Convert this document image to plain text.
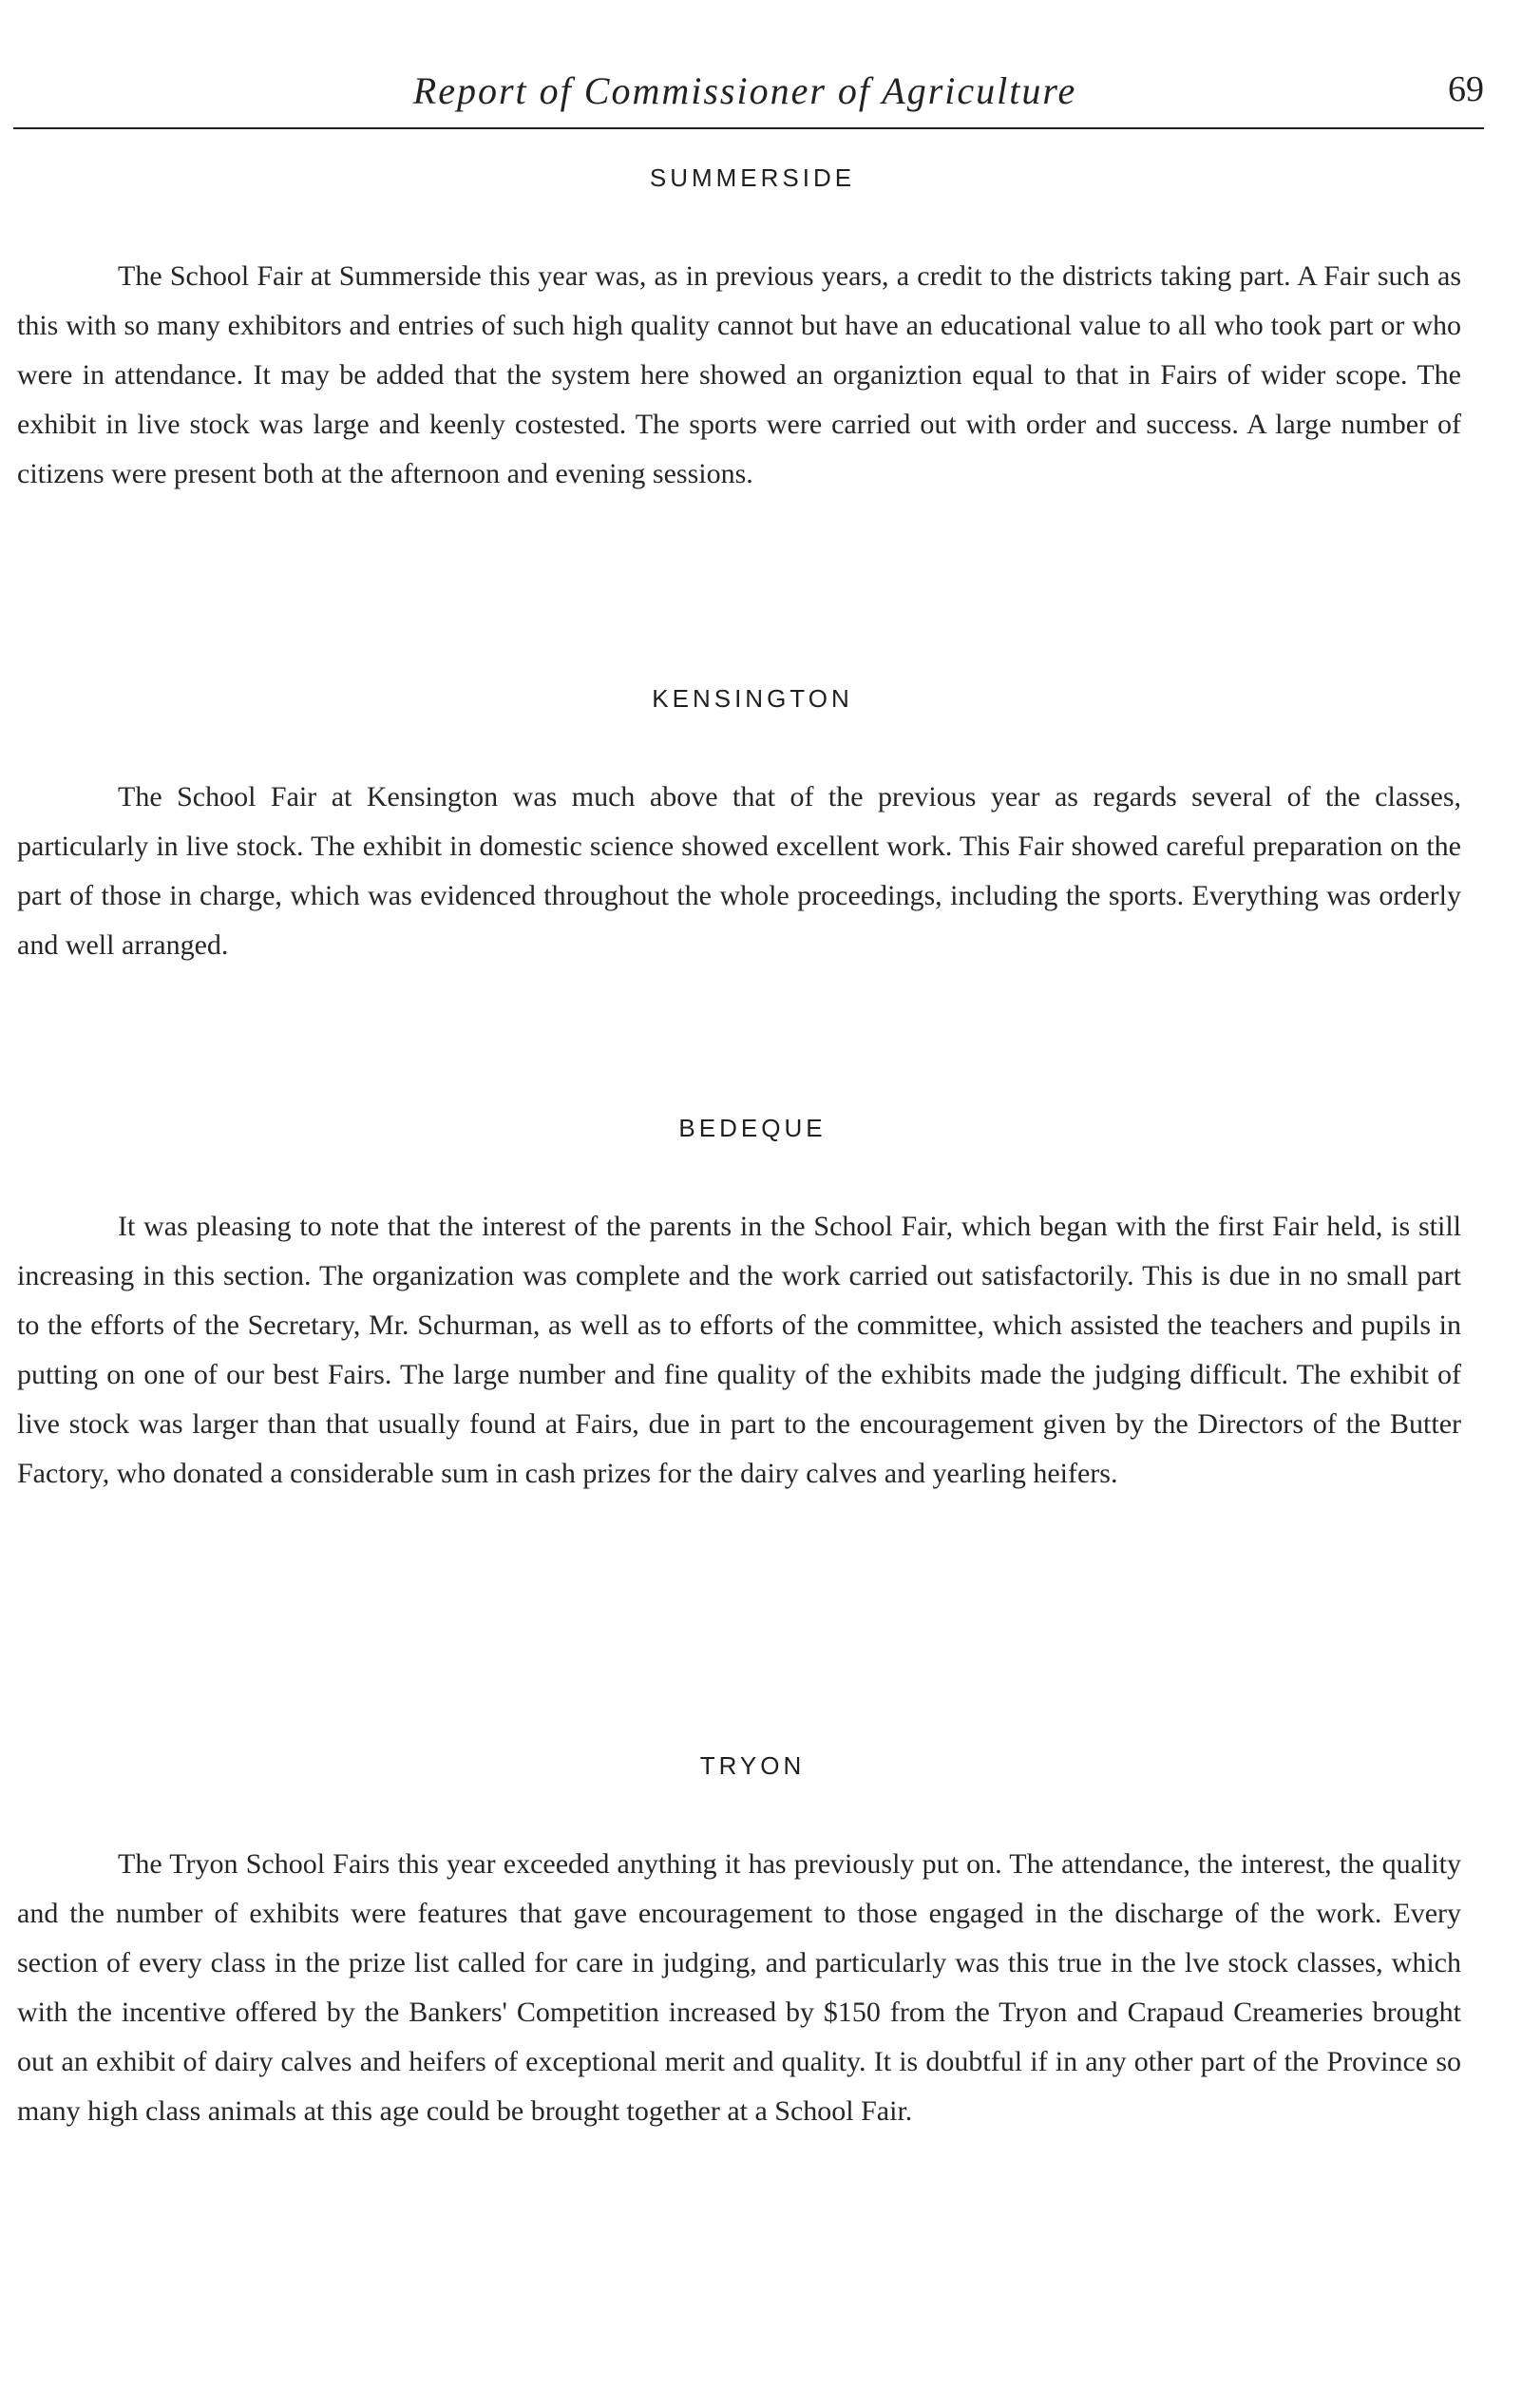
Report of Commissioner of Agriculture	69
SUMMERSIDE

The School Fair at Summerside this year was, as in previous years, a credit to the districts taking part. A Fair such as this with so many exhibitors and entries of such high quality cannot but have an educational value to all who took part or who were in attendance. It may be added that the system here showed an organiztion equal to that in Fairs of wider scope. The exhibit in live stock was large and keenly costested. The sports were carried out with order and success. A large number of citizens were present both at the afternoon and evening sessions.

KENSINGTON

The School Fair at Kensington was much above that of the previous year as regards several of the classes, particularly in live stock. The exhibit in domestic science showed excellent work. This Fair showed careful preparation on the part of those in charge, which was evidenced throughout the whole proceedings, including the sports. Everything was orderly and well arranged.

BEDEQUE

It was pleasing to note that the interest of the parents in the School Fair, which began with the first Fair held, is still increasing in this section. The organization was complete and the work carried out satisfactorily. This is due in no small part to the efforts of the Secretary, Mr. Schurman, as well as to efforts of the committee, which assisted the teachers and pupils in putting on one of our best Fairs. The large number and fine quality of the exhibits made the judging difficult. The exhibit of live stock was larger than that usually found at Fairs, due in part to the encouragement given by the Directors of the Butter Factory, who donated a considerable sum in cash prizes for the dairy calves and yearling heifers.

TRYON

The Tryon School Fairs this year exceeded anything it has previously put on. The attendance, the interest, the quality and the number of exhibits were features that gave encouragement to those engaged in the discharge of the work. Every section of every class in the prize list called for care in judging, and particularly was this true in the lve stock classes, which with the incentive offered by the Bankers' Competition increased by $150 from the Tryon and Crapaud Creameries brought out an exhibit of dairy calves and heifers of exceptional merit and quality. It is doubtful if in any other part of the Province so many high class animals at this age could be brought together at a School Fair.
